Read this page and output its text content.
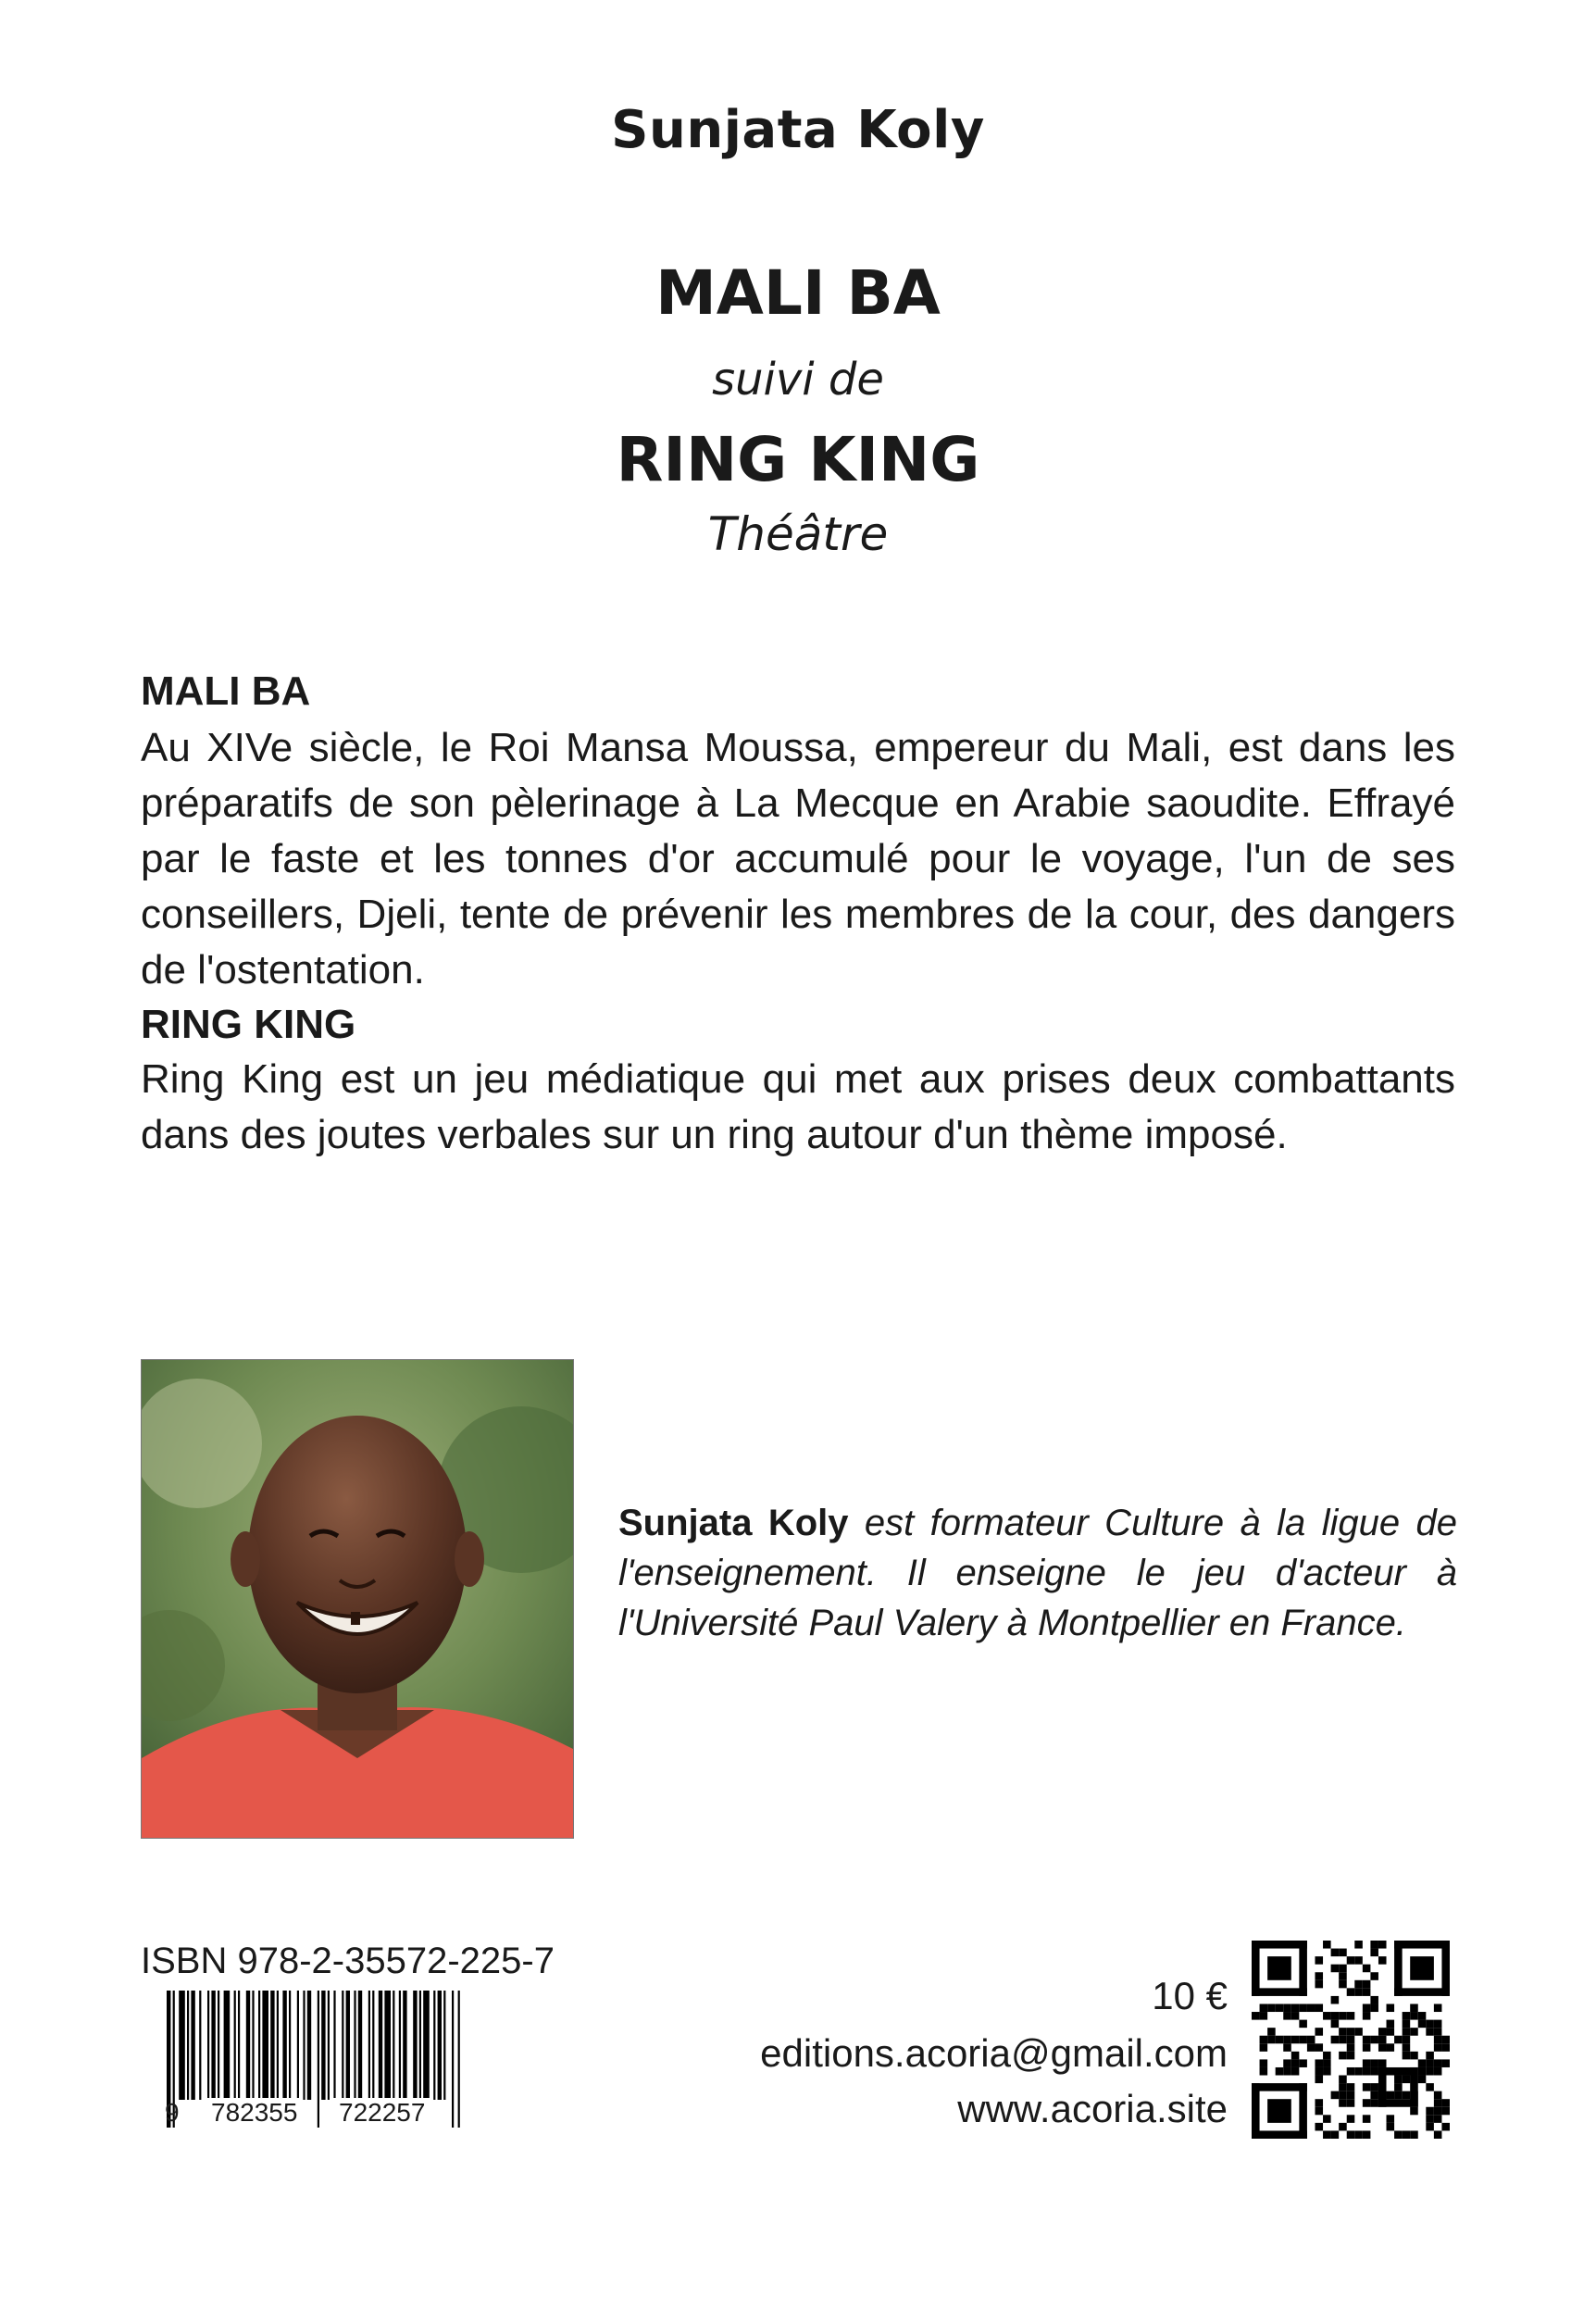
Sunjata Koly
MALI BA
suivi de
RING KING
Théâtre
MALI BA

Au XIVe siècle, le Roi Mansa Moussa, empereur du Mali, est dans les préparatifs de son pèlerinage à La Mecque en Arabie saoudite. Effrayé par le faste et les tonnes d'or accumulé pour le voyage, l'un de ses conseillers, Djeli, tente de prévenir les membres de la cour, des dangers de l'ostentation.

RING KING

Ring King est un jeu médiatique qui met aux prises deux combattants dans des joutes verbales sur un ring autour d'un thème imposé.

Sunjata Koly est formateur Culture à la ligue de l'enseignement. Il enseigne le jeu d'acteur à l'Université Paul Valery à Montpellier en France.

ISBN 978-2-35572-225-7
9 782355 722257
10 €
editions.acoria@gmail.com
www.acoria.site
